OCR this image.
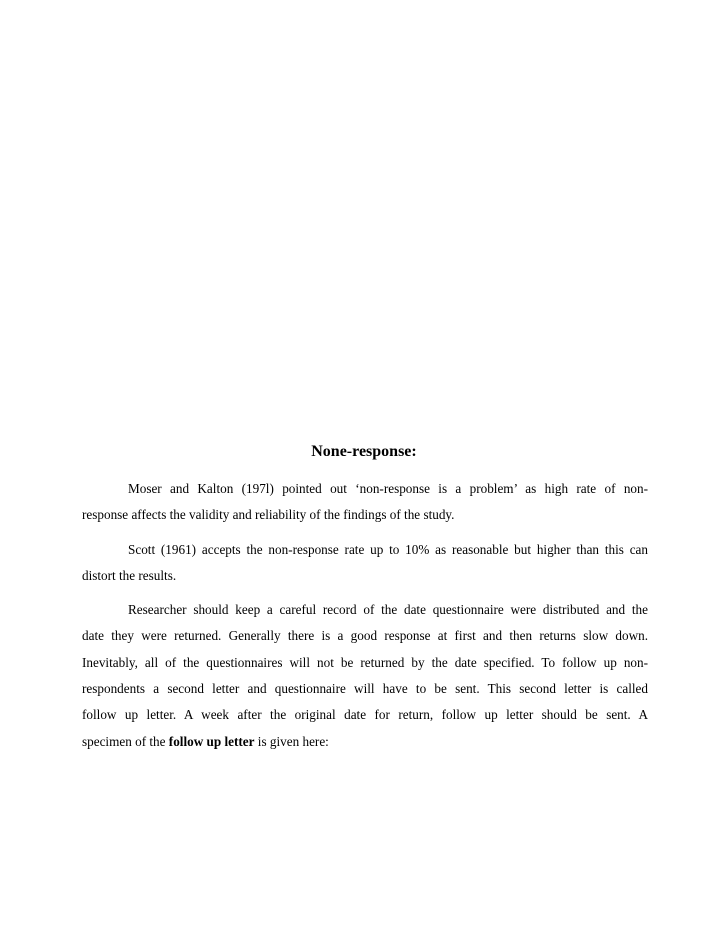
None-response:
Moser and Kalton (197l) pointed out ‘non-response is a problem’ as high rate of non-
response affects the validity and reliability of the findings of the study.
Scott (1961) accepts the non-response rate up to 10% as reasonable but higher than this can
distort the results.
Researcher should keep a careful record of the date questionnaire were distributed and the
date they were returned. Generally there is a good response at first and then returns slow down.
Inevitably, all of the questionnaires will not be returned by the date specified. To follow up non-
respondents a second letter and questionnaire will have to be sent. This second letter is called
follow up letter. A week after the original date for return, follow up letter should be sent. A
specimen of the follow up letter is given here:
